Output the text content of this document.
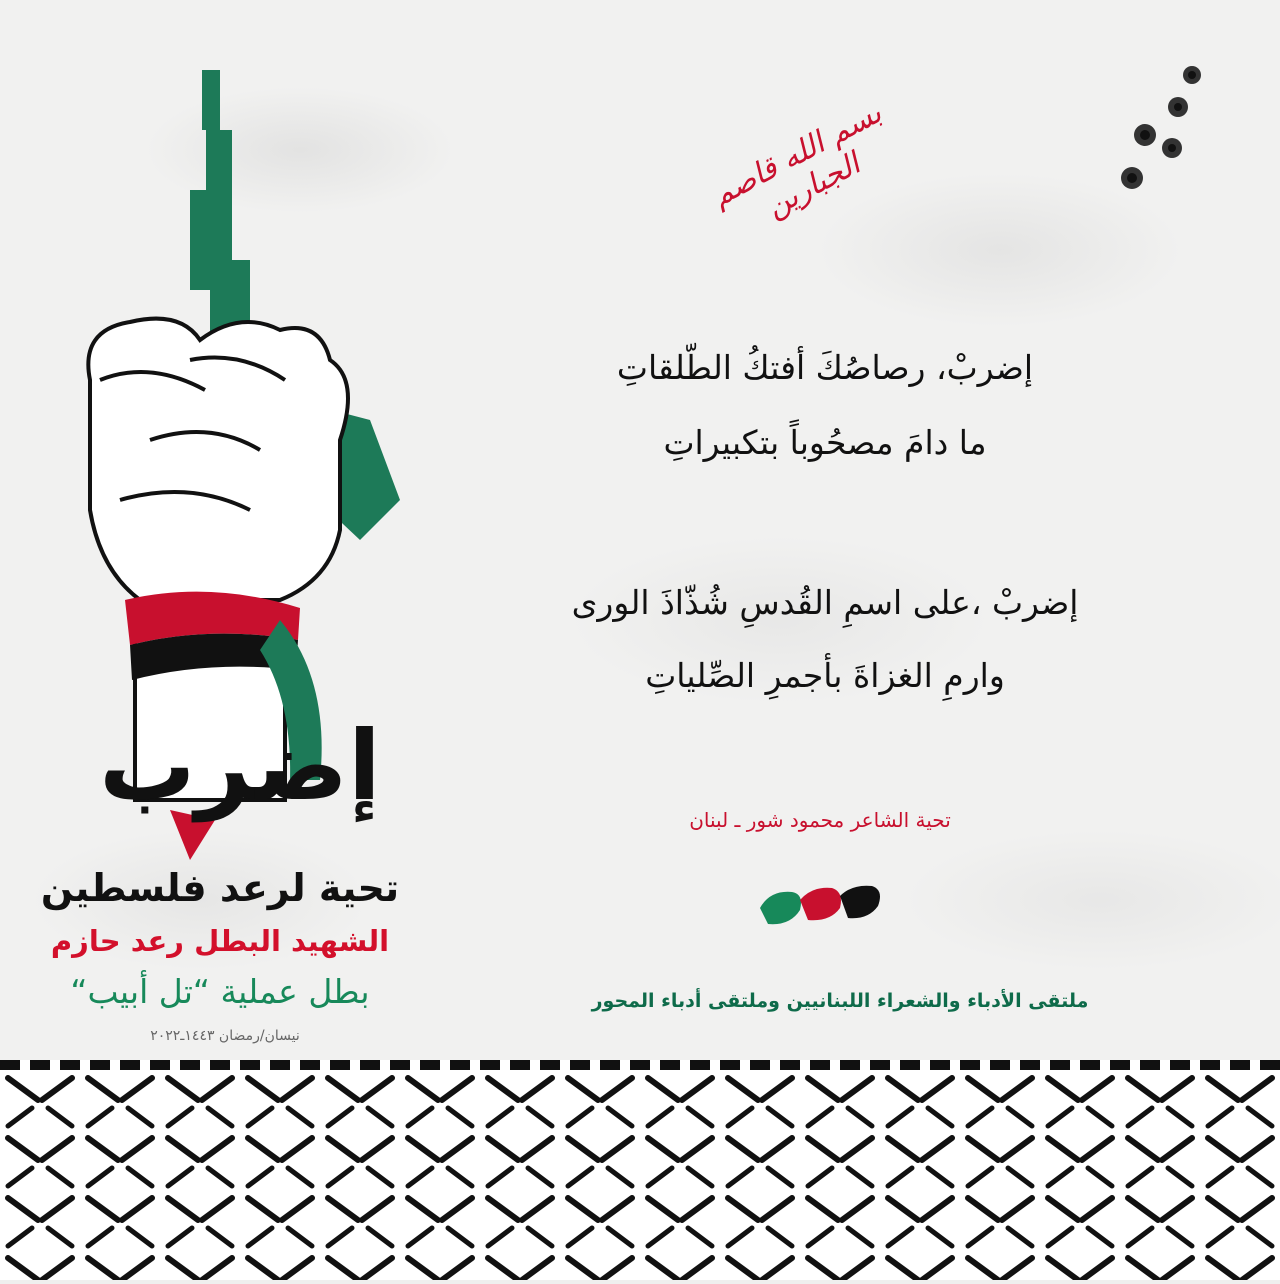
بسم الله قاصم الجبارين
إضربْ، رصاصُكَ أفتكُ الطّلقاتِ
ما دامَ مصحُوباً بتكبيراتِ
إضربْ ،على اسمِ القُدسِ شُذّاذَ الورى
وارمِ الغزاةَ بأجمرِ الصِّلياتِ
تحية الشاعر محمود شور ـ لبنان
ملتقى الأدباء والشعراء اللبنانيين وملتقى أدباء المحور
إضرب
تحية لرعد فلسطين
الشهيد البطل رعد حازم
بطل عملية “تل أبيب“
نيسان/رمضان ١٤٤٣ـ٢٠٢٢
